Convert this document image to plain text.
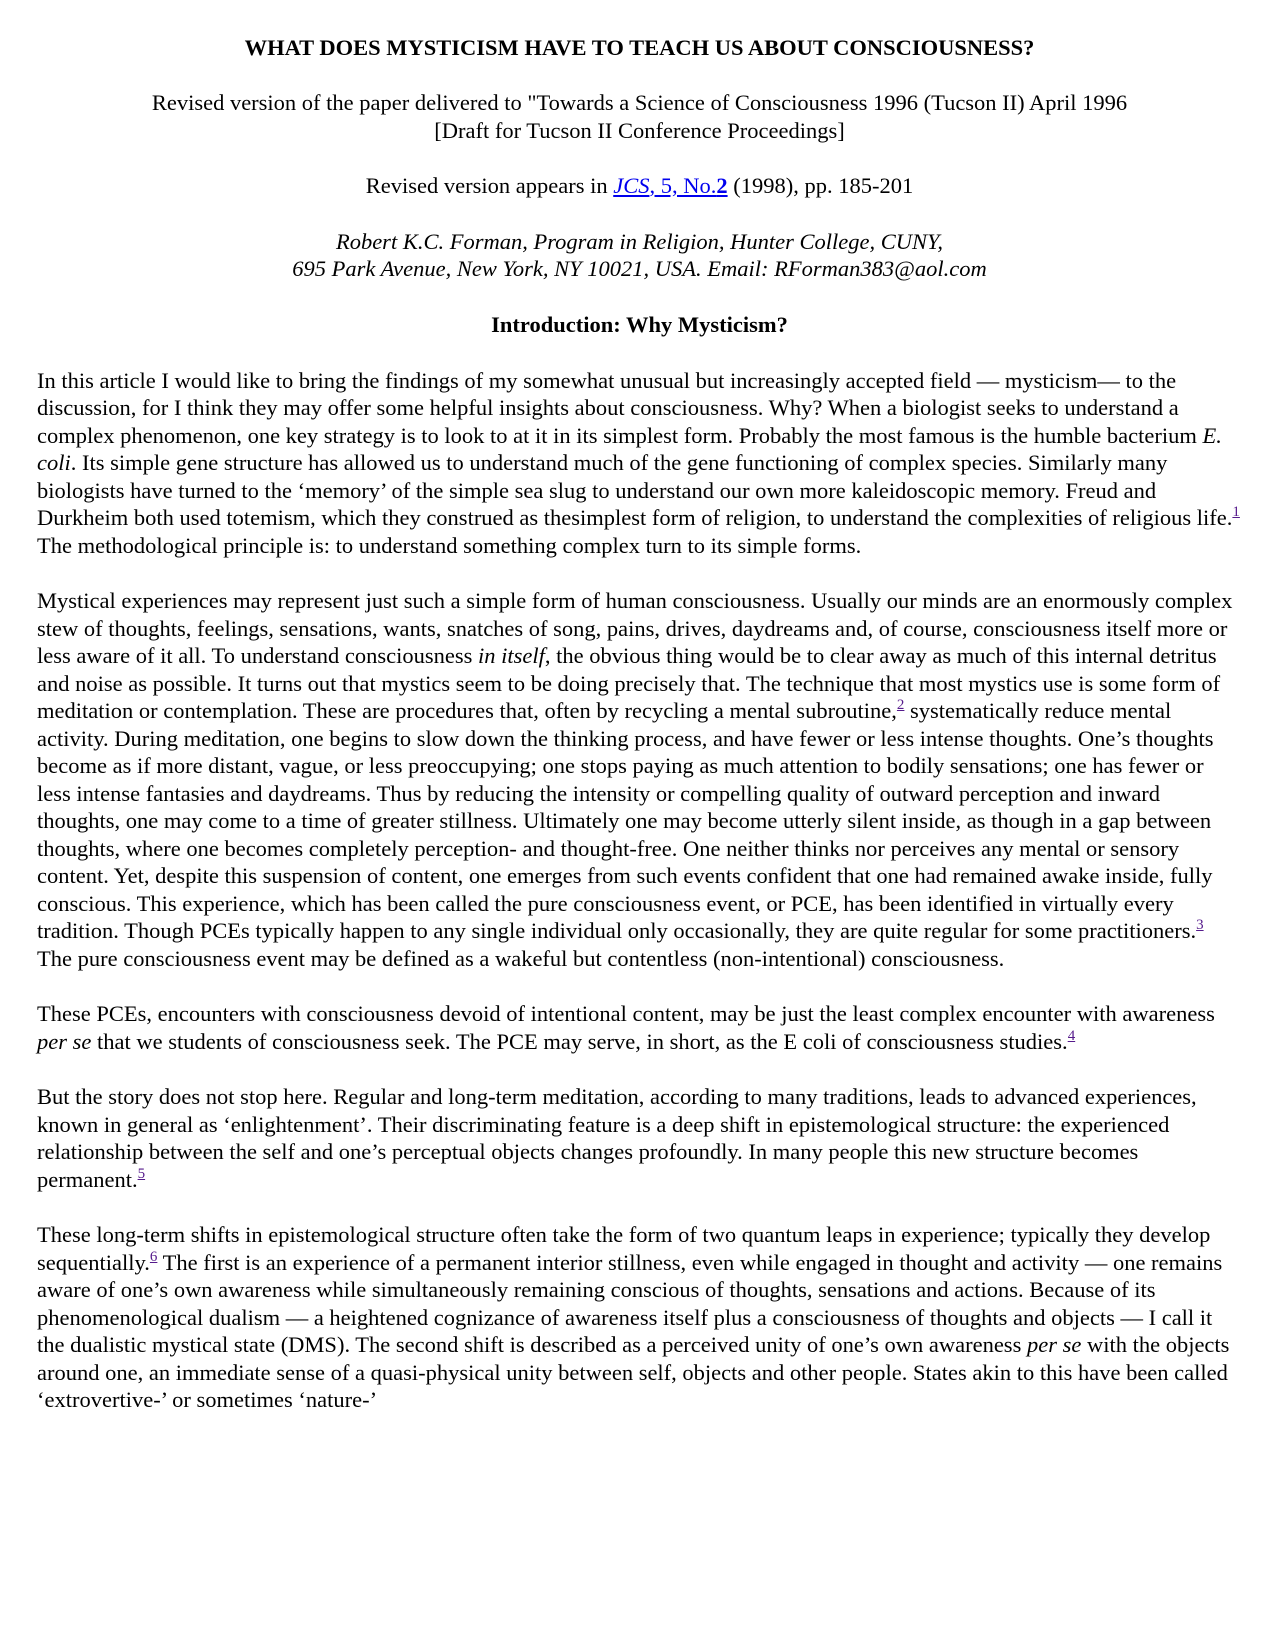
WHAT DOES MYSTICISM HAVE TO TEACH US ABOUT CONSCIOUSNESS?
Revised version of the paper delivered to "Towards a Science of Consciousness 1996 (Tucson II) April 1996
[Draft for Tucson II Conference Proceedings]
Revised version appears in JCS, 5, No.2 (1998), pp. 185-201
Robert K.C. Forman, Program in Religion, Hunter College, CUNY,
695 Park Avenue, New York, NY 10021, USA. Email: RForman383@aol.com
Introduction: Why Mysticism?

In this article I would like to bring the findings of my somewhat unusual but increasingly accepted field — mysticism— to the discussion, for I think they may offer some helpful insights about consciousness. Why? When a biologist seeks to understand a complex phenomenon, one key strategy is to look to at it in its simplest form. Probably the most famous is the humble bacterium E. coli. Its simple gene structure has allowed us to understand much of the gene functioning of complex species. Similarly many biologists have turned to the ‘memory’ of the simple sea slug to understand our own more kaleidoscopic memory. Freud and Durkheim both used totemism, which they construed as thesimplest form of religion, to understand the complexities of religious life.$^1$ The methodological principle is: to understand something complex turn to its simple forms.

Mystical experiences may represent just such a simple form of human consciousness. Usually our minds are an enormously complex stew of thoughts, feelings, sensations, wants, snatches of song, pains, drives, daydreams and, of course, consciousness itself more or less aware of it all. To understand consciousness in itself, the obvious thing would be to clear away as much of this internal detritus and noise as possible. It turns out that mystics seem to be doing precisely that. The technique that most mystics use is some form of meditation or contemplation. These are procedures that, often by recycling a mental subroutine,$^2$ systematically reduce mental activity. During meditation, one begins to slow down the thinking process, and have fewer or less intense thoughts. One’s thoughts become as if more distant, vague, or less preoccupying; one stops paying as much attention to bodily sensations; one has fewer or less intense fantasies and daydreams. Thus by reducing the intensity or compelling quality of outward perception and inward thoughts, one may come to a time of greater stillness. Ultimately one may become utterly silent inside, as though in a gap between thoughts, where one becomes completely perception- and thought-free. One neither thinks nor perceives any mental or sensory content. Yet, despite this suspension of content, one emerges from such events confident that one had remained awake inside, fully conscious. This experience, which has been called the pure consciousness event, or PCE, has been identified in virtually every tradition. Though PCEs typically happen to any single individual only occasionally, they are quite regular for some practitioners.$^3$ The pure consciousness event may be defined as a wakeful but contentless (non-intentional) consciousness.

These PCEs, encounters with consciousness devoid of intentional content, may be just the least complex encounter with awareness per se that we students of consciousness seek. The PCE may serve, in short, as the E coli of consciousness studies.$^4$

But the story does not stop here. Regular and long-term meditation, according to many traditions, leads to advanced experiences, known in general as ‘enlightenment’. Their discriminating feature is a deep shift in epistemological structure: the experienced relationship between the self and one’s perceptual objects changes profoundly. In many people this new structure becomes permanent.$^5$

These long-term shifts in epistemological structure often take the form of two quantum leaps in experience; typically they develop sequentially.$^6$ The first is an experience of a permanent interior stillness, even while engaged in thought and activity — one remains aware of one’s own awareness while simultaneously remaining conscious of thoughts, sensations and actions. Because of its phenomenological dualism — a heightened cognizance of awareness itself plus a consciousness of thoughts and objects — I call it the dualistic mystical state (DMS). The second shift is described as a perceived unity of one’s own awareness per se with the objects around one, an immediate sense of a quasi-physical unity between self, objects and other people. States akin to this have been called ‘extrovertive-’ or sometimes ‘nature-’
